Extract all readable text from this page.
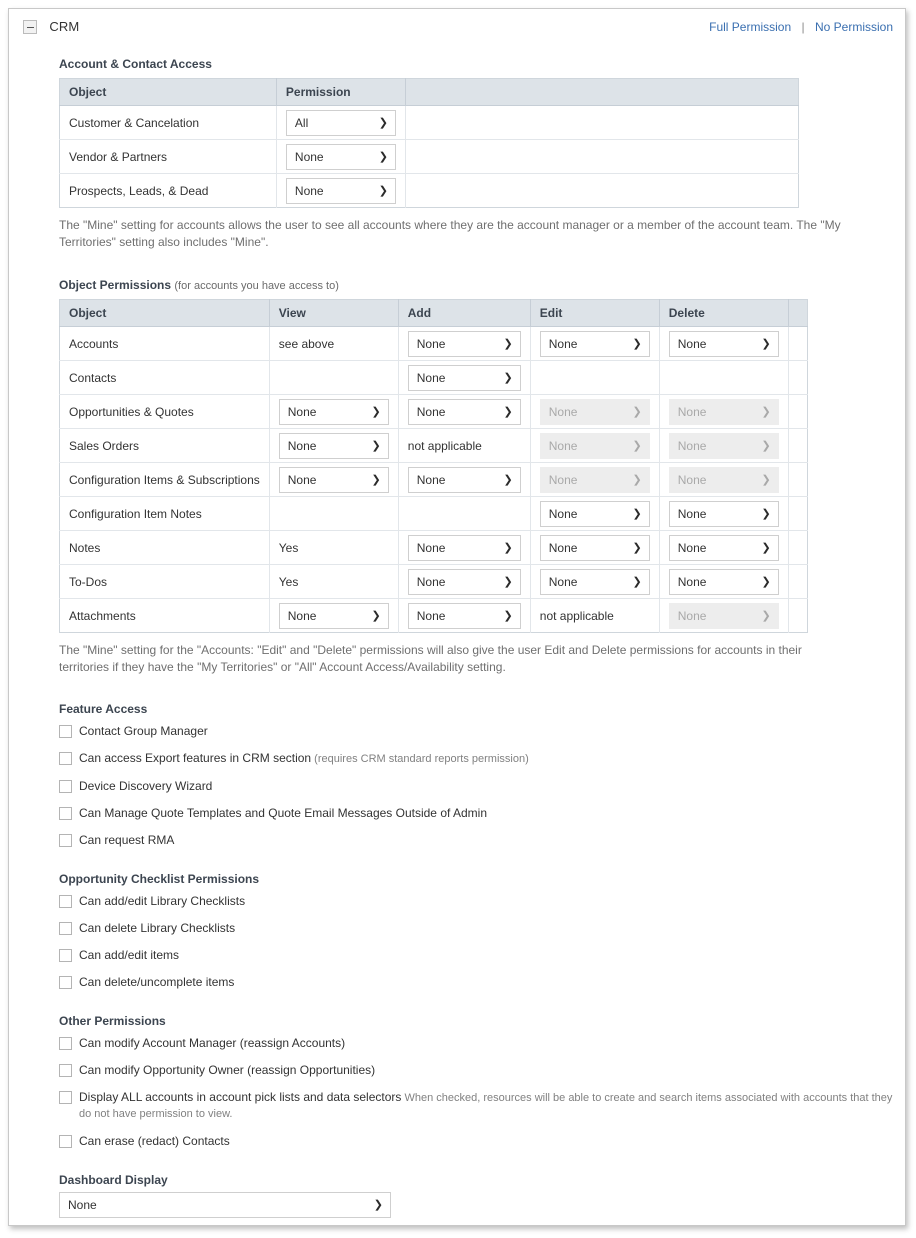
CRM	Full Permission | No Permission
Account & Contact Access
Object	Permission	
Customer & Cancelation	All ❯	

Vendor & Partners	None ❯	

Prospects, Leads, & Dead	None ❯	

The "Mine" setting for accounts allows the user to see all accounts where they are the account manager or a member of the account team. The "My Territories" setting also includes "Mine".
Object Permissions (for accounts you have access to)
Object	View	Add	Edit	Delete	
Accounts	see above	None ❯	None ❯	None ❯	

Contacts		None ❯			

Opportunities & Quotes	None ❯	None ❯	None ❯	None ❯	

Sales Orders	None ❯	not applicable	None ❯	None ❯	

Configuration Items & Subscriptions	None ❯	None ❯	None ❯	None ❯	

Configuration Item Notes			None ❯	None ❯	

Notes	Yes	None ❯	None ❯	None ❯	

To-Dos	Yes	None ❯	None ❯	None ❯	

Attachments	None ❯	None ❯	not applicable	None ❯	

The "Mine" setting for the "Accounts: "Edit" and "Delete" permissions will also give the user Edit and Delete permissions for accounts in their territories if they have the "My Territories" or "All" Account Access/Availability setting.
Feature Access
Contact Group Manager
Can access Export features in CRM section (requires CRM standard reports permission)
Device Discovery Wizard
Can Manage Quote Templates and Quote Email Messages Outside of Admin
Can request RMA
Opportunity Checklist Permissions
Can add/edit Library Checklists
Can delete Library Checklists
Can add/edit items
Can delete/uncomplete items
Other Permissions
Can modify Account Manager (reassign Accounts)
Can modify Opportunity Owner (reassign Opportunities)
Display ALL accounts in account pick lists and data selectors When checked, resources will be able to create and search items associated with accounts that they do not have permission to view.
Can erase (redact) Contacts
Dashboard Display
None	❯
